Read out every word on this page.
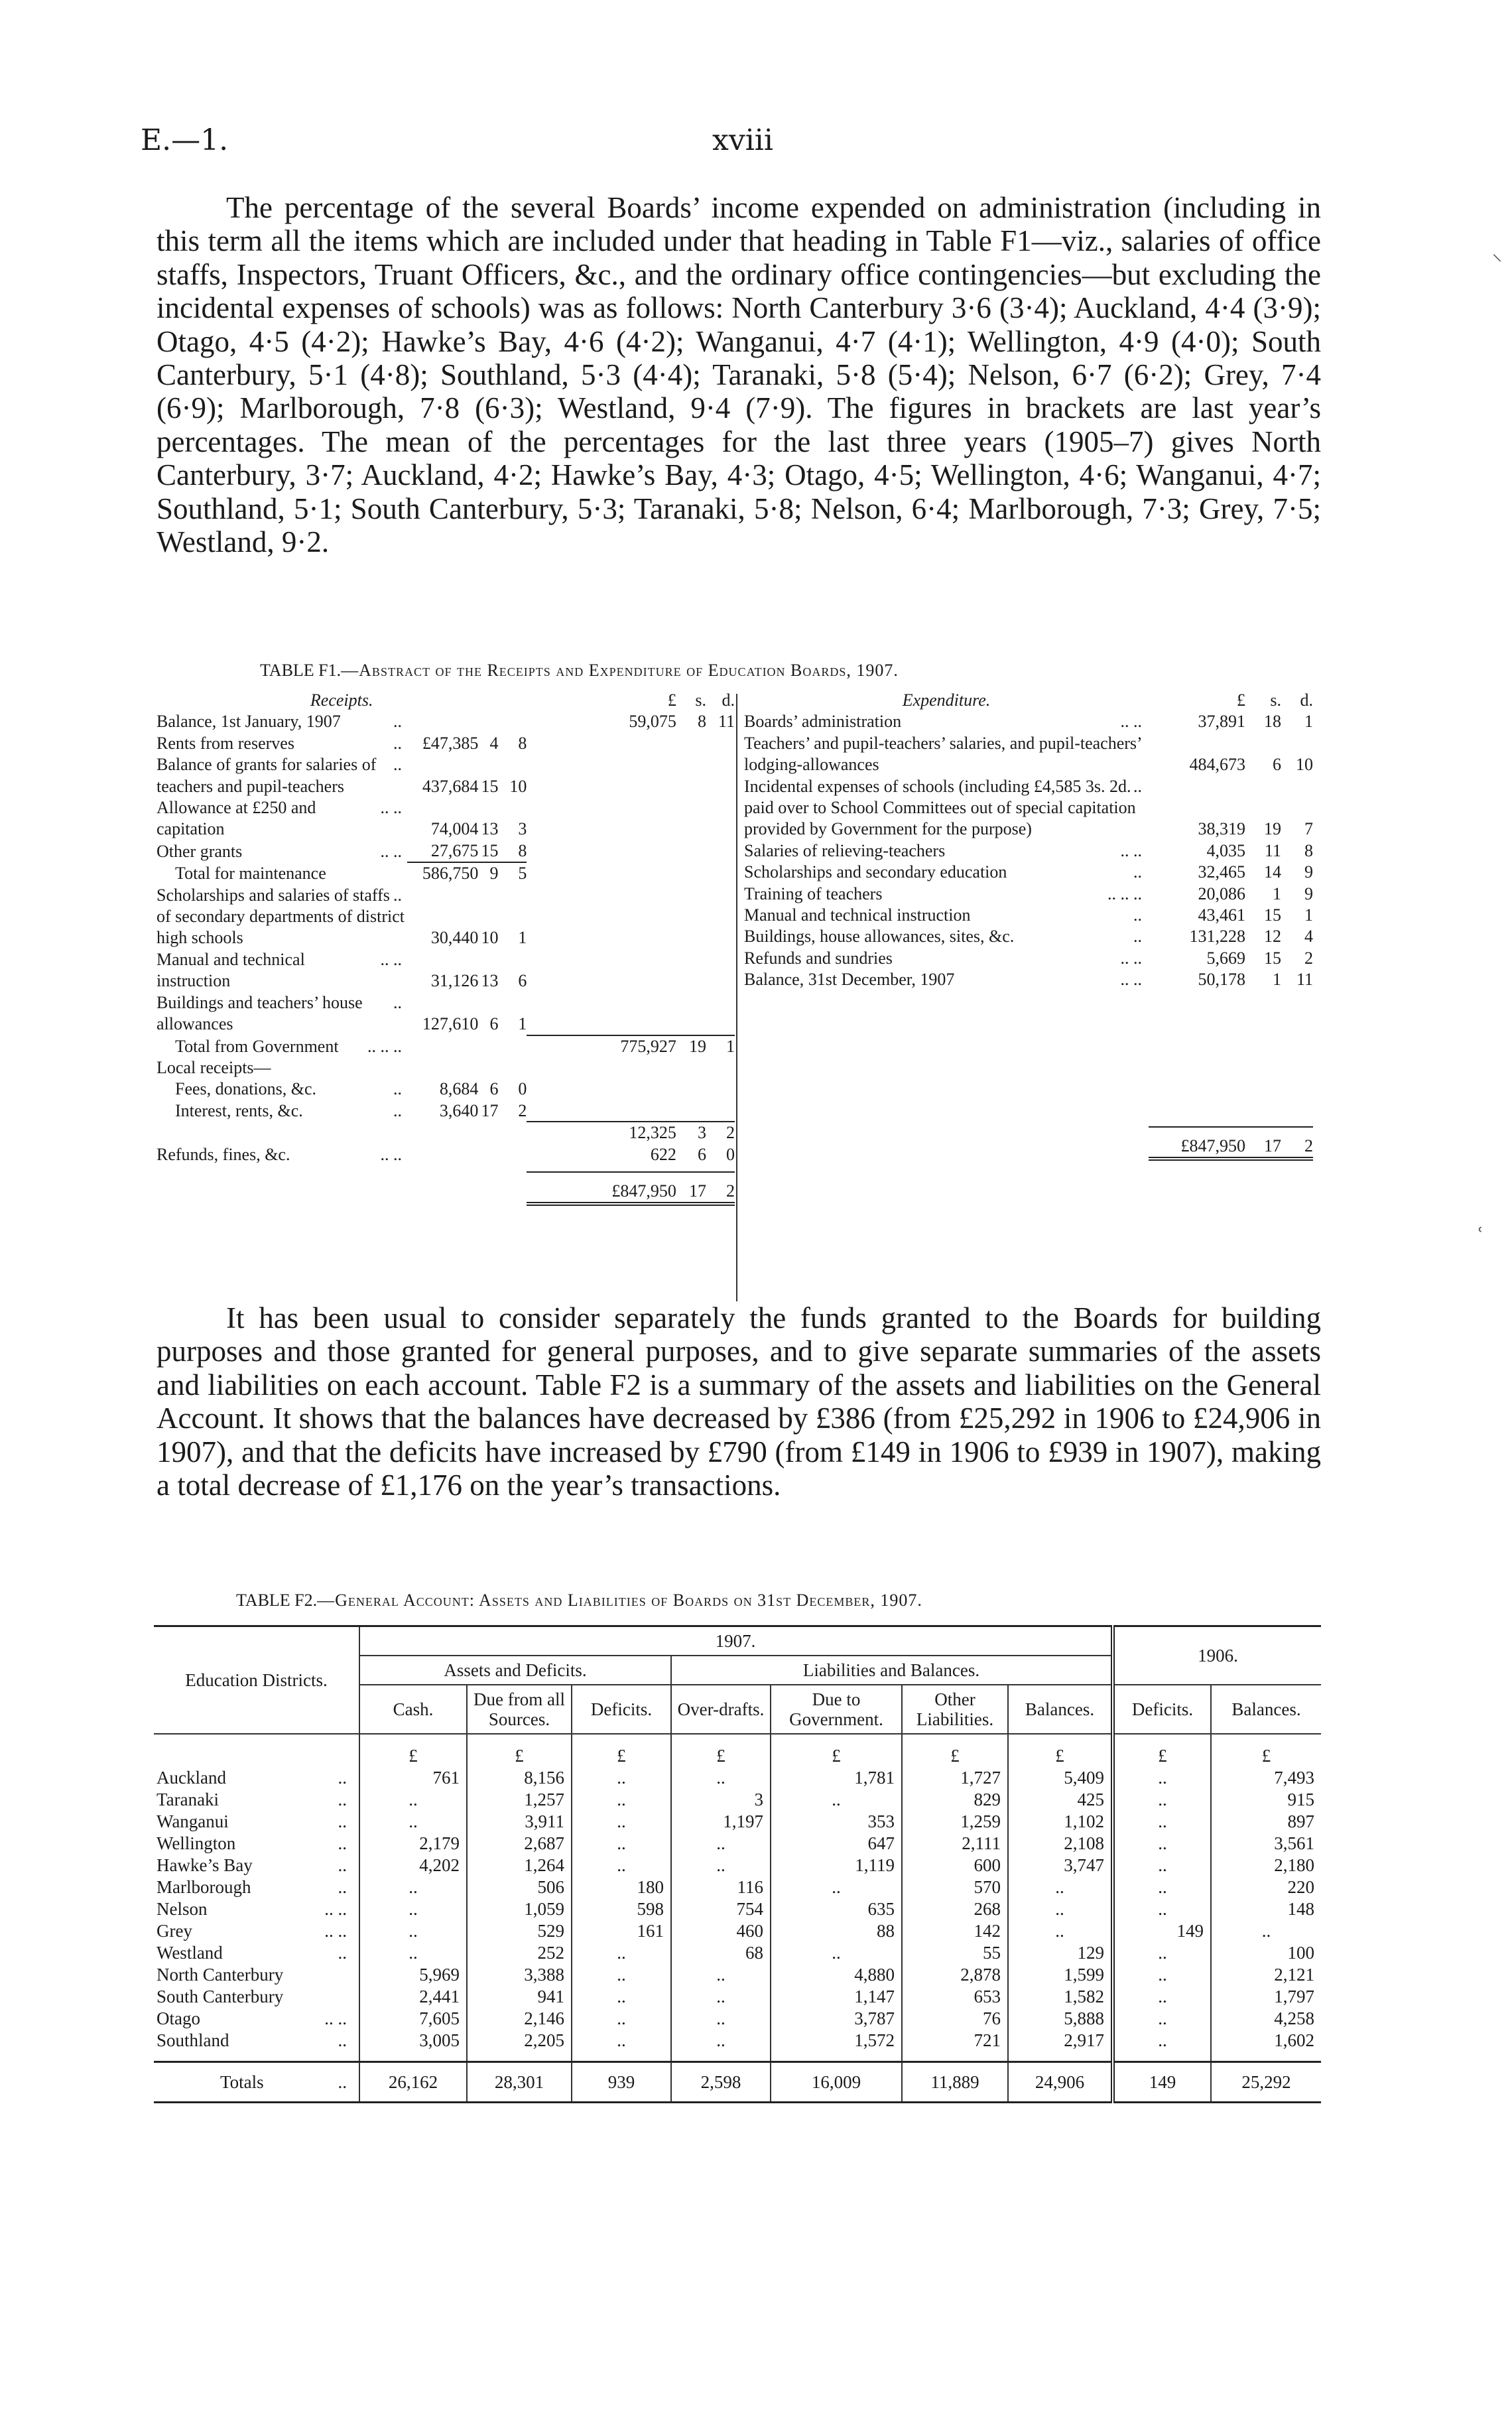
E.—1.	xviii

The percentage of the several Boards’ income expended on administration (including in this term all the items which are included under that heading in Table F1—viz., salaries of office staffs, Inspectors, Truant Officers, &c., and the ordinary office contingencies—but excluding the incidental expenses of schools) was as follows: North Canterbury 3·6 (3·4); Auckland, 4·4 (3·9); Otago, 4·5 (4·2); Hawke’s Bay, 4·6 (4·2); Wanganui, 4·7 (4·1); Wellington, 4·9 (4·0); South Canterbury, 5·1 (4·8); Southland, 5·3 (4·4); Taranaki, 5·8 (5·4); Nelson, 6·7 (6·2); Grey, 7·4 (6·9); Marlborough, 7·8 (6·3); Westland, 9·4 (7·9). The figures in brackets are last year’s percentages. The mean of the percentages for the last three years (1905–7) gives North Canterbury, 3·7; Auckland, 4·2; Hawke’s Bay, 4·3; Otago, 4·5; Wellington, 4·6; Wanganui, 4·7; Southland, 5·1; South Canterbury, 5·3; Taranaki, 5·8; Nelson, 6·4; Marlborough, 7·3; Grey, 7·5; Westland, 9·2.

TABLE F1.—Abstract of the Receipts and Expenditure of Education Boards, 1907.
Receipts.				£	s.	d.

..
Balance, 1st January, 1907				59,075	8	11

..
Rents from reserves	£47,385	4	8			

..
Balance of grants for salaries of teachers and pupil-teachers	437,684	15	10			

.. ..
Allowance at £250 and capitation	74,004	13	3			

.. ..
Other grants	27,675	15	8			

Total for maintenance	586,750	9	5			

..
Scholarships and salaries of staffs of secondary departments of district high schools	30,440	10	1			

.. ..
Manual and technical instruction	31,126	13	6			

..
Buildings and teachers’ house allowances	127,610	6	1			

.. .. ..
Total from Government				775,927	19	1

Local receipts—						

..
Fees, donations, &c.	8,684	6	0			

..
Interest, rents, &c.	3,640	17	2			

				12,325	3	2

.. ..
Refunds, fines, &c.				622	6	0

				£847,950	17	2
Expenditure.	£	s.	d.

.. ..
Boards’ administration	37,891	18	1
Teachers’ and pupil-teachers’ salaries, and pupil-teachers’ lodging-allowances	484,673	6	10

..
Incidental expenses of schools (including £4,585 3s. 2d. paid over to School Committees out of special capitation provided by Government for the purpose)	38,319	19	7

.. ..
Salaries of relieving-teachers	4,035	11	8

..
Scholarships and secondary education	32,465	14	9

.. .. ..
Training of teachers	20,086	1	9

..
Manual and technical instruction	43,461	15	1

..
Buildings, house allowances, sites, &c.	131,228	12	4

.. ..
Refunds and sundries	5,669	15	2

.. ..
Balance, 31st December, 1907	50,178	1	11

	£847,950	17	2

It has been usual to consider separately the funds granted to the Boards for building purposes and those granted for general purposes, and to give separate summaries of the assets and liabilities on each account. Table F2 is a summary of the assets and liabilities on the General Account. It shows that the balances have decreased by £386 (from £25,292 in 1906 to £24,906 in 1907), and that the deficits have increased by £790 (from £149 in 1906 to £939 in 1907), making a total decrease of £1,176 on the year’s transactions.

TABLE F2.—General Account: Assets and Liabilities of Boards on 31st December, 1907.
Education Districts.	1907.							1906.	
	Assets and Deficits.			Liabilities and Balances.					
	Cash.	Due from all Sources.	Deficits.	Over-drafts.	Due to Government.	Other Liabilities.	Balances.	Deficits.	Balances.
	£	£	£	£	£	£	£	£	£
Auckland ..	761	8,156	..	..	1,781	1,727	5,409	..	7,493
Taranaki ..	..	1,257	..	3	..	829	425	..	915
Wanganui ..	..	3,911	..	1,197	353	1,259	1,102	..	897
Wellington ..	2,179	2,687	..	..	647	2,111	2,108	..	3,561
Hawke’s Bay ..	4,202	1,264	..	..	1,119	600	3,747	..	2,180
Marlborough ..	..	506	180	116	..	570	..	..	220
Nelson .. ..	..	1,059	598	754	635	268	..	..	148
Grey .. ..	..	529	161	460	88	142	..	149	..
Westland ..	..	252	..	68	..	55	129	..	100
North Canterbury	5,969	3,388	..	..	4,880	2,878	1,599	..	2,121
South Canterbury	2,441	941	..	..	1,147	653	1,582	..	1,797
Otago .. ..	7,605	2,146	..	..	3,787	76	5,888	..	4,258
Southland ..	3,005	2,205	..	..	1,572	721	2,917	..	1,602
Totals ..	26,162	28,301	939	2,598	16,009	11,889	24,906	149	25,292
⸜
˓
